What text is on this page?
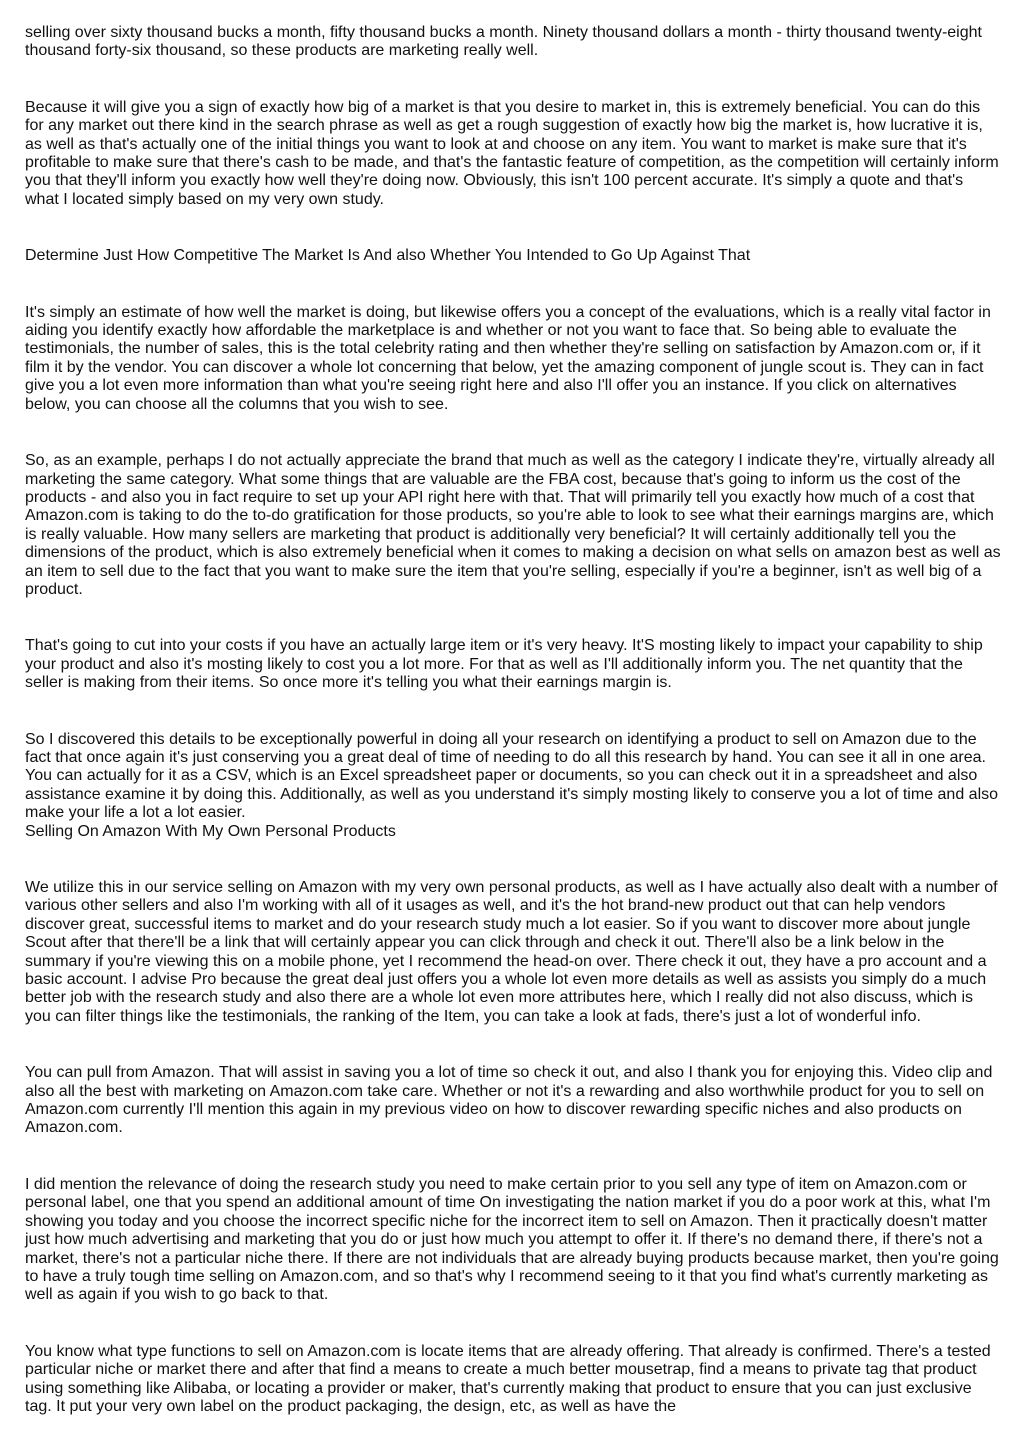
selling over sixty thousand bucks a month, fifty thousand bucks a month. Ninety thousand dollars a month - thirty thousand twenty-eight thousand forty-six thousand, so these products are marketing really well.

Because it will give you a sign of exactly how big of a market is that you desire to market in, this is extremely beneficial. You can do this for any market out there kind in the search phrase as well as get a rough suggestion of exactly how big the market is, how lucrative it is, as well as that's actually one of the initial things you want to look at and choose on any item. You want to market is make sure that it's profitable to make sure that there's cash to be made, and that's the fantastic feature of competition, as the competition will certainly inform you that they'll inform you exactly how well they're doing now. Obviously, this isn't 100 percent accurate. It's simply a quote and that's what I located simply based on my very own study.

Determine Just How Competitive The Market Is And also Whether You Intended to Go Up Against That

It's simply an estimate of how well the market is doing, but likewise offers you a concept of the evaluations, which is a really vital factor in aiding you identify exactly how affordable the marketplace is and whether or not you want to face that. So being able to evaluate the testimonials, the number of sales, this is the total celebrity rating and then whether they're selling on satisfaction by Amazon.com or, if it film it by the vendor. You can discover a whole lot concerning that below, yet the amazing component of jungle scout is. They can in fact give you a lot even more information than what you're seeing right here and also I'll offer you an instance. If you click on alternatives below, you can choose all the columns that you wish to see.

So, as an example, perhaps I do not actually appreciate the brand that much as well as the category I indicate they're, virtually already all marketing the same category. What some things that are valuable are the FBA cost, because that's going to inform us the cost of the products - and also you in fact require to set up your API right here with that. That will primarily tell you exactly how much of a cost that Amazon.com is taking to do the to-do gratification for those products, so you're able to look to see what their earnings margins are, which is really valuable. How many sellers are marketing that product is additionally very beneficial? It will certainly additionally tell you the dimensions of the product, which is also extremely beneficial when it comes to making a decision on what sells on amazon best as well as an item to sell due to the fact that you want to make sure the item that you're selling, especially if you're a beginner, isn't as well big of a product.

That's going to cut into your costs if you have an actually large item or it's very heavy. It'S mosting likely to impact your capability to ship your product and also it's mosting likely to cost you a lot more. For that as well as I'll additionally inform you. The net quantity that the seller is making from their items. So once more it's telling you what their earnings margin is.

So I discovered this details to be exceptionally powerful in doing all your research on identifying a product to sell on Amazon due to the fact that once again it's just conserving you a great deal of time of needing to do all this research by hand. You can see it all in one area. You can actually for it as a CSV, which is an Excel spreadsheet paper or documents, so you can check out it in a spreadsheet and also assistance examine it by doing this. Additionally, as well as you understand it's simply mosting likely to conserve you a lot of time and also make your life a lot a lot easier.

Selling On Amazon With My Own Personal Products

We utilize this in our service selling on Amazon with my very own personal products, as well as I have actually also dealt with a number of various other sellers and also I'm working with all of it usages as well, and it's the hot brand-new product out that can help vendors discover great, successful items to market and do your research study much a lot easier. So if you want to discover more about jungle Scout after that there'll be a link that will certainly appear you can click through and check it out. There'll also be a link below in the summary if you're viewing this on a mobile phone, yet I recommend the head-on over. There check it out, they have a pro account and a basic account. I advise Pro because the great deal just offers you a whole lot even more details as well as assists you simply do a much better job with the research study and also there are a whole lot even more attributes here, which I really did not also discuss, which is you can filter things like the testimonials, the ranking of the Item, you can take a look at fads, there's just a lot of wonderful info.

You can pull from Amazon. That will assist in saving you a lot of time so check it out, and also I thank you for enjoying this. Video clip and also all the best with marketing on Amazon.com take care. Whether or not it's a rewarding and also worthwhile product for you to sell on Amazon.com currently I'll mention this again in my previous video on how to discover rewarding specific niches and also products on Amazon.com.

I did mention the relevance of doing the research study you need to make certain prior to you sell any type of item on Amazon.com or personal label, one that you spend an additional amount of time On investigating the nation market if you do a poor work at this, what I'm showing you today and you choose the incorrect specific niche for the incorrect item to sell on Amazon. Then it practically doesn't matter just how much advertising and marketing that you do or just how much you attempt to offer it. If there's no demand there, if there's not a market, there's not a particular niche there. If there are not individuals that are already buying products because market, then you're going to have a truly tough time selling on Amazon.com, and so that's why I recommend seeing to it that you find what's currently marketing as well as again if you wish to go back to that.

You know what type functions to sell on Amazon.com is locate items that are already offering. That already is confirmed. There's a tested particular niche or market there and after that find a means to create a much better mousetrap, find a means to private tag that product using something like Alibaba, or locating a provider or maker, that's currently making that product to ensure that you can just exclusive tag. It put your very own label on the product packaging, the design, etc, as well as have the
